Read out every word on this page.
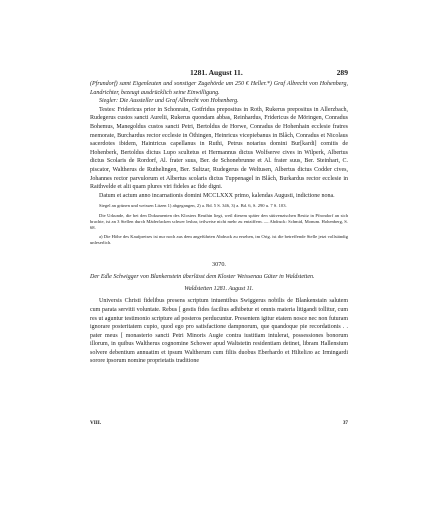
1281. August 11.	289

(Pfrundorf) samt Eigenleuten und sonstiger Zugehörde um 250 € Heller.*) Graf Albrecht von Hohenberg, Landrichter, bezeugt ausdrücklich seine Einwilligung.

Siegler: Die Aussteller und Graf Albrecht von Hohenberg.

Testes: Fridericus prior in Schonrain, Gotfridus prepositus in Roth, Rukerus prepositus in Allerzbach, Rudegerus custos sancti Aurelii, Rukerus quondam abbas, Reinhardus, Fridericus de Möringen, Conradus Bohemus, Manegoldus custos sancti Petri, Bertoldus de Horwe, Conradus de Hohenhain ecclesie fratres memorate, Burchardus rector ecclesie in Öthingen, Heinricus vicepiebanus in Blâch, Conradus et Nicolaus sacerdotes ibidem, Haintricus capellanus in Ruthi, Petrus notarius domini Bur[kardi] comitis de Hohenberk, Bertoldus dictus Lupo scultetus et Hermannus dictus Wolfserve cives in Wilperk, Albertus dictus Scolaris de Rordorf, Al. frater suus, Ber. de Schonebrunne et Al. frater suus, Ber. Steinhart, C. piscator, Waltherus de Ruthelingen, Ber. Sultzar, Rudegerus de Weltusen, Albertus dictus Codder cives, Johannes rector parvulorum et Albertus scolaris dictus Tuppenagel in Blâch, Burkardus rector ecclesie in Raithvelde et alii quam plures viri fideles ac fide digni.

Datum et actum anno incarnationis domini MCCLXXX primo, kalendas Augusti, indictione nona.

Siegel an grünen und weissen Litzen 1) abgegangen, 2) a. Bd. 5 S. 346, 3) a. Bd. 6, S. 290 u. 7 S. 103.

Die Urkunde, die bei den Dokumenten des Klosters Reuthin liegt, weil diesem später den süüvenzischen Besitz in Pfrondorf an sich brachte, ist an 3 Stellen durch Mäderfacken schwer lesbar, teilweise nicht mehr zu entziffern. — Abdruck: Schmid, Monum. Hohenberg, S. 68.

a) Die Höhe des Kaufpreises ist nur noch aus dem angeführten Abdruck zu ersehen, im Orig. ist die betreffende Stelle jetzt vollständig unleserlich.

3070.

Der Edle Schwigger von Blankenstein überlässt dem Kloster Weissenau Güter in Waldstetten.

Waldstetten 1281. August 11.

Universis Christi fidelibus presens scriptum intuentibus Swiggerus nobilis de Blankenstain salutem cum parata servitii voluntate. Rebus [ gestis fides facilius adhibetur et omnis materia litigandi tollitur, cum res ut aguntur testimonio scripture ad posteros perducuntur. Presentem igitur etatem nosce nec non futuram ignorare posteritatem cupio, quod ego pro satisfactione dampnorum, que quandoque pie recordationis . . pater meus [ monasterio sancti Petri Minoris Augie contra iustitiam intulerat, possessiones bonorum illorum, in quibus Waltherus cognomine Schower apud Waltstetin residentiam detinet, libram Hallensium solvere debentium annuatim et ipsum Waltherum cum filiis duobus Eberhardo et Hilteliло ac Irmingardi sorore ipsorum nomine proprietatis traditione

VIII.	37
